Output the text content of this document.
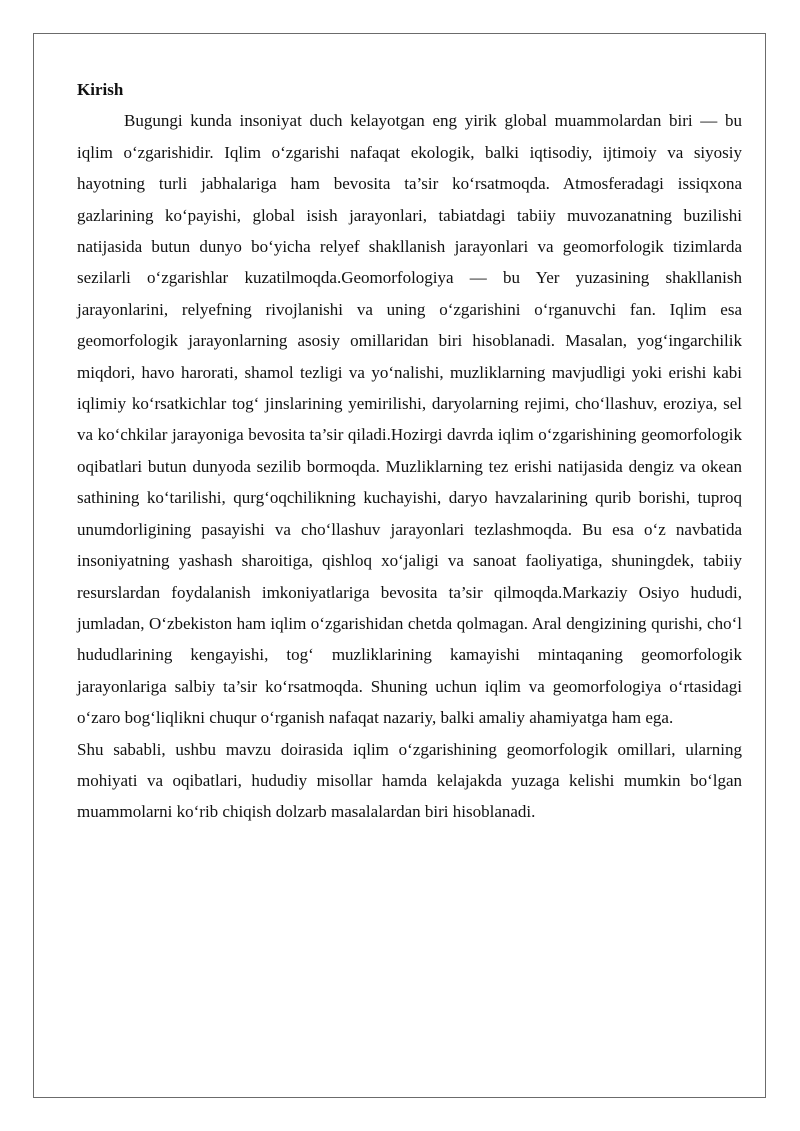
Kirish

Bugungi kunda insoniyat duch kelayotgan eng yirik global muammolardan biri — bu iqlim o‘zgarishidir. Iqlim o‘zgarishi nafaqat ekologik, balki iqtisodiy, ijtimoiy va siyosiy hayotning turli jabhalariga ham bevosita ta’sir ko‘rsatmoqda. Atmosferadagi issiqxona gazlarining ko‘payishi, global isish jarayonlari, tabiatdagi tabiiy muvozanatning buzilishi natijasida butun dunyo bo‘yicha relyef shakllanish jarayonlari va geomorfologik tizimlarda sezilarli o‘zgarishlar kuzatilmoqda.Geomorfologiya — bu Yer yuzasining shakllanish jarayonlarini, relyefning rivojlanishi va uning o‘zgarishini o‘rganuvchi fan. Iqlim esa geomorfologik jarayonlarning asosiy omillaridan biri hisoblanadi. Masalan, yog‘ingarchilik miqdori, havo harorati, shamol tezligi va yo‘nalishi, muzliklarning mavjudligi yoki erishi kabi iqlimiy ko‘rsatkichlar tog‘ jinslarining yemirilishi, daryolarning rejimi, cho‘llashuv, eroziya, sel va ko‘chkilar jarayoniga bevosita ta’sir qiladi.Hozirgi davrda iqlim o‘zgarishining geomorfologik oqibatlari butun dunyoda sezilib bormoqda. Muzliklarning tez erishi natijasida dengiz va okean sathining ko‘tarilishi, qurg‘oqchilikning kuchayishi, daryo havzalarining qurib borishi, tuproq unumdorligining pasayishi va cho‘llashuv jarayonlari tezlashmoqda. Bu esa o‘z navbatida insoniyatning yashash sharoitiga, qishloq xo‘jaligi va sanoat faoliyatiga, shuningdek, tabiiy resurslardan foydalanish imkoniyatlariga bevosita ta’sir qilmoqda.Markaziy Osiyo hududi, jumladan, O‘zbekiston ham iqlim o‘zgarishidan chetda qolmagan. Aral dengizining qurishi, cho‘l hududlarining kengayishi, tog‘ muzliklarining kamayishi mintaqaning geomorfologik jarayonlariga salbiy ta’sir ko‘rsatmoqda. Shuning uchun iqlim va geomorfologiya o‘rtasidagi o‘zaro bog‘liqlikni chuqur o‘rganish nafaqat nazariy, balki amaliy ahamiyatga ham ega.

Shu sababli, ushbu mavzu doirasida iqlim o‘zgarishining geomorfologik omillari, ularning mohiyati va oqibatlari, hududiy misollar hamda kelajakda yuzaga kelishi mumkin bo‘lgan muammolarni ko‘rib chiqish dolzarb masalalardan biri hisoblanadi.
